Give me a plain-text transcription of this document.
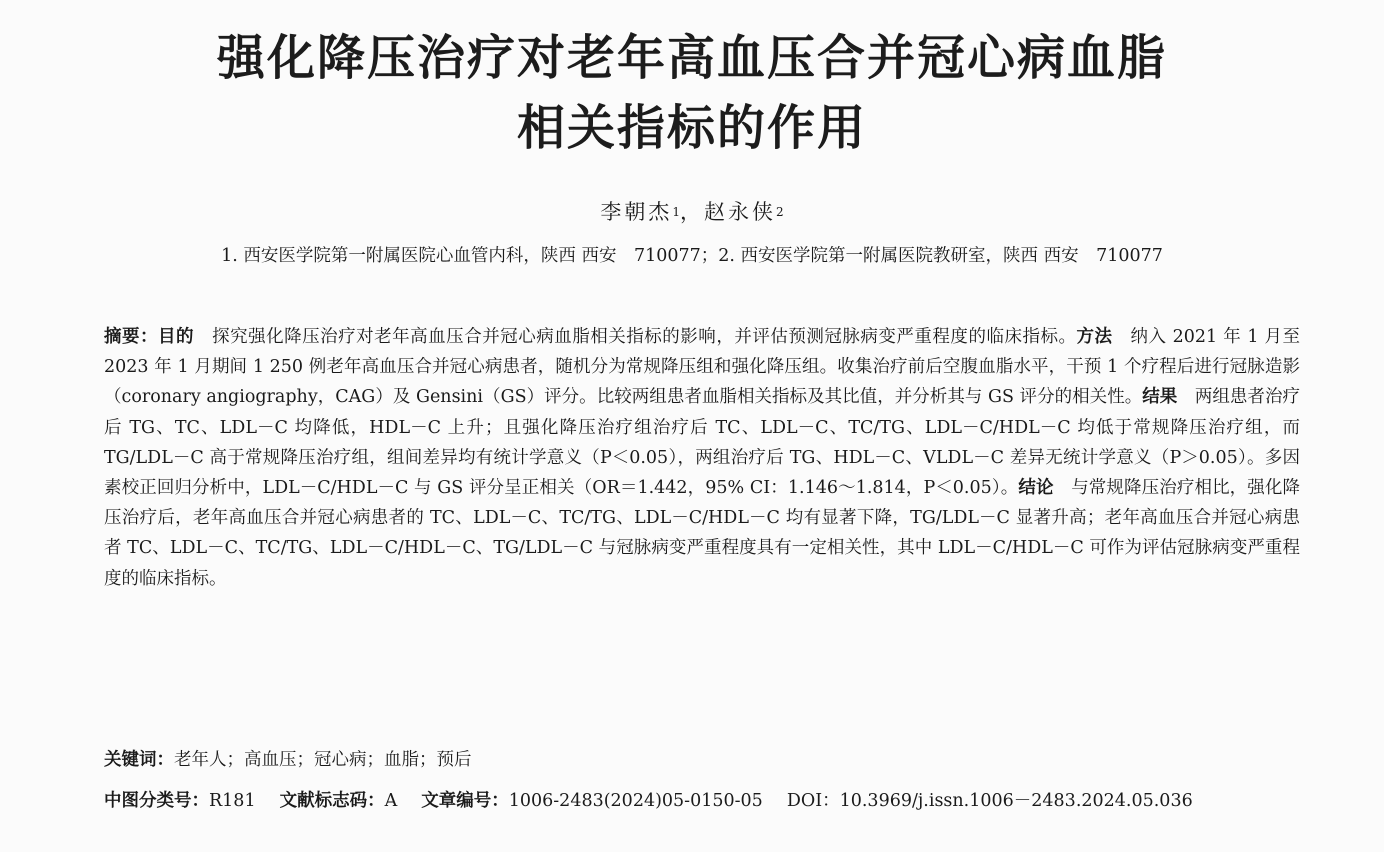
强化降压治疗对老年高血压合并冠心病血脂
相关指标的作用
李朝杰$^1$，赵永侠$^2$
1. 西安医学院第一附属医院心血管内科，陕西 西安　710077；2. 西安医学院第一附属医院教研室，陕西 西安　710077

摘要：目的　探究强化降压治疗对老年高血压合并冠心病血脂相关指标的影响，并评估预测冠脉病变严重程度的临床指标。方法　纳入 2021 年 1 月至 2023 年 1 月期间 1 250 例老年高血压合并冠心病患者，随机分为常规降压组和强化降压组。收集治疗前后空腹血脂水平，干预 1 个疗程后进行冠脉造影（coronary angiography，CAG）及 Gensini（GS）评分。比较两组患者血脂相关指标及其比值，并分析其与 GS 评分的相关性。结果　两组患者治疗后 TG、TC、LDL－C 均降低，HDL－C 上升；且强化降压治疗组治疗后 TC、LDL－C、TC/TG、LDL－C/HDL－C 均低于常规降压治疗组，而 TG/LDL－C 高于常规降压治疗组，组间差异均有统计学意义（P＜0.05），两组治疗后 TG、HDL－C、VLDL－C 差异无统计学意义（P＞0.05）。多因素校正回归分析中，LDL－C/HDL－C 与 GS 评分呈正相关（OR＝1.442，95% CI：1.146～1.814，P＜0.05）。结论　与常规降压治疗相比，强化降压治疗后，老年高血压合并冠心病患者的 TC、LDL－C、TC/TG、LDL－C/HDL－C 均有显著下降，TG/LDL－C 显著升高；老年高血压合并冠心病患者 TC、LDL－C、TC/TG、LDL－C/HDL－C、TG/LDL－C 与冠脉病变严重程度具有一定相关性，其中 LDL－C/HDL－C 可作为评估冠脉病变严重程度的临床指标。

关键词：老年人；高血压；冠心病；血脂；预后
中图分类号：R181 文献标志码：A 文章编号：1006-2483(2024)05-0150-05 DOI：10.3969/j.issn.1006－2483.2024.05.036
